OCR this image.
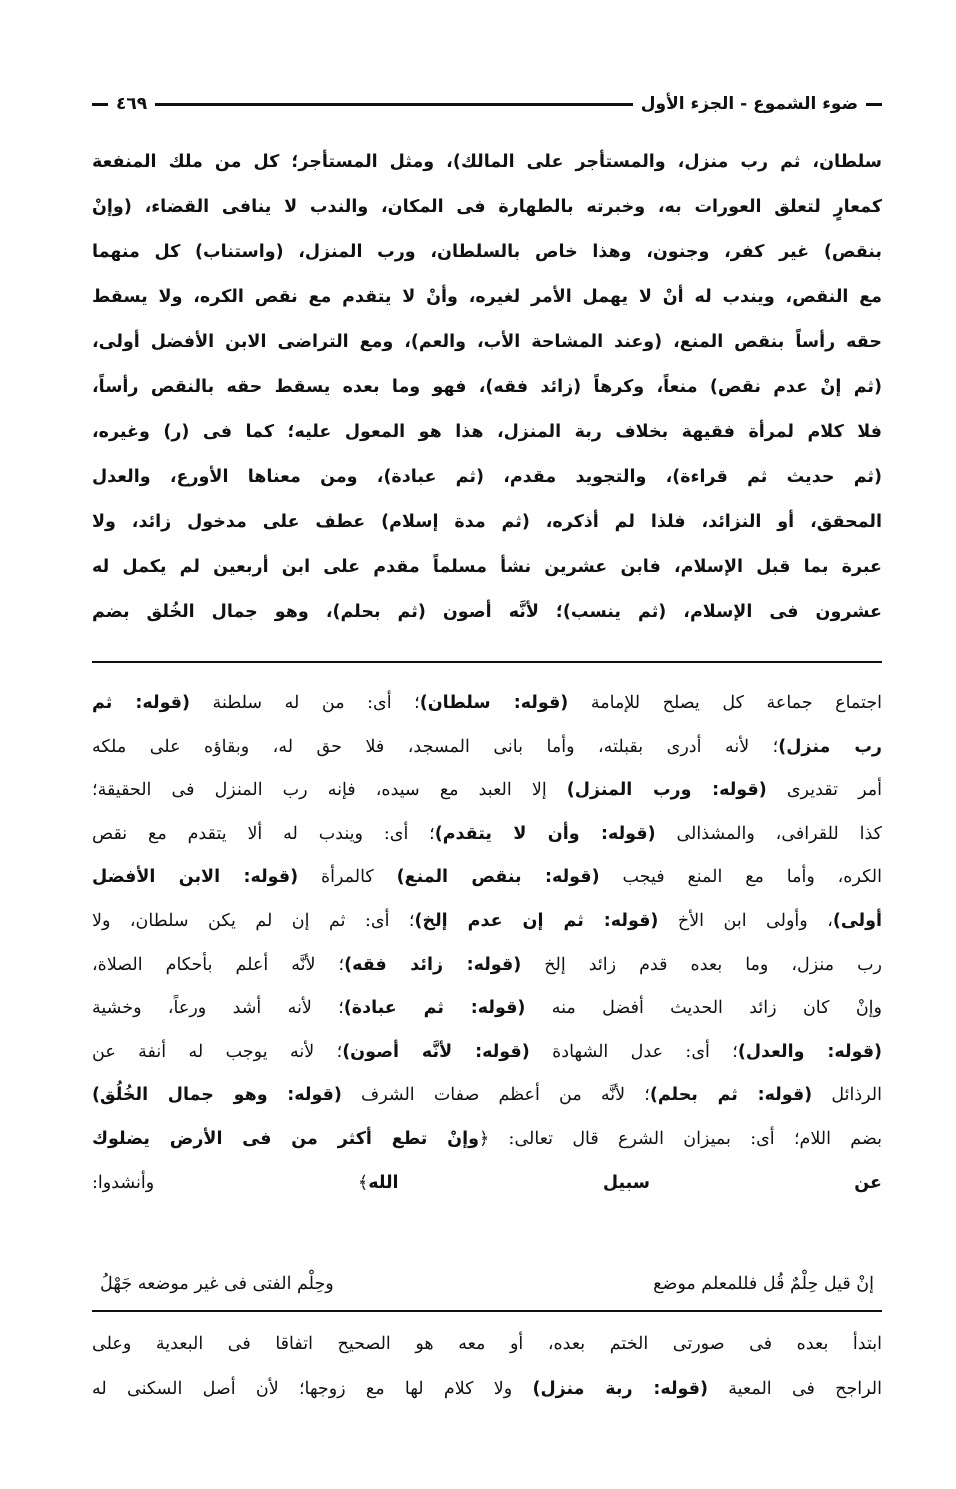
ضوء الشموع - الجزء الأول
٤٦٩
سلطان، ثم رب منزل، والمستأجر على المالك)، ومثل المستأجر؛ كل من ملك المنفعة
كمعارٍ لتعلق العورات به، وخبرته بالطهارة فى المكان، والندب لا ينافى القضاء، (وإنْ
بنقص) غير كفر، وجنون، وهذا خاص بالسلطان، ورب المنزل، (واستناب) كل منهما
مع النقص، ويندب له أنْ لا يهمل الأمر لغيره، وأنْ لا يتقدم مع نقص الكره، ولا يسقط
حقه رأساً بنقص المنع، (وعند المشاحة الأب، والعم)، ومع التراضى الابن الأفضل أولى،
(ثم إنْ عدم نقص) منعاً، وكرهاً (زائد فقه)، فهو وما بعده يسقط حقه بالنقص رأساً،
فلا كلام لمرأة فقيهة بخلاف ربة المنزل، هذا هو المعول عليه؛ كما فى (ر) وغيره،
(ثم حديث ثم قراءة)، والتجويد مقدم، (ثم عبادة)، ومن معناها الأورع، والعدل
المحقق، أو النزائد، فلذا لم أذكره، (ثم مدة إسلام) عطف على مدخول زائد، ولا
عبرة بما قبل الإسلام، فابن عشرين نشأ مسلماً مقدم على ابن أربعين لم يكمل له
عشرون فى الإسلام، (ثم ينسب)؛ لأنَّه أصون (ثم بحلم)، وهو جمال الخُلق بضم
اجتماع جماعة كل يصلح للإمامة (قوله: سلطان)؛ أى: من له سلطنة (قوله: ثم
رب منزل)؛ لأنه أدرى بقبلته، وأما بانى المسجد، فلا حق له، وبقاؤه على ملكه
أمر تقديرى (قوله: ورب المنزل) إلا العبد مع سيده، فإنه رب المنزل فى الحقيقة؛
كذا للقرافى، والمشذالى (قوله: وأن لا يتقدم)؛ أى: ويندب له ألا يتقدم مع نقص
الكره، وأما مع المنع فيجب (قوله: بنقص المنع) كالمرأة (قوله: الابن الأفضل
أولى)، وأولى ابن الأخ (قوله: ثم إن عدم إلخ)؛ أى: ثم إن لم يكن سلطان، ولا
رب منزل، وما بعده قدم زائد إلخ (قوله: زائد فقه)؛ لأنَّه أعلم بأحكام الصلاة،
وإنْ كان زائد الحديث أفضل منه (قوله: ثم عبادة)؛ لأنه أشد ورعاً، وخشية
(قوله: والعدل)؛ أى: عدل الشهادة (قوله: لأنَّه أصون)؛ لأنه يوجب له أنفة عن
الرذائل (قوله: ثم بحلم)؛ لأنَّه من أعظم صفات الشرف (قوله: وهو جمال الخُلُق)
بضم اللام؛ أى: بميزان الشرع قال تعالى: ﴿وإنْ تطع أكثر من فى الأرض يضلوك
عن سبيل الله﴾ وأنشدوا:
إنْ قيل حِلْمٌ قُل فللمعلم موضع
وحِلْم الفتى فى غير موضعه جَهْلُ
ابتدأ بعده فى صورتى الختم بعده، أو معه هو الصحيح اتفاقا فى البعدية وعلى
الراجح فى المعية (قوله: ربة منزل) ولا كلام لها مع زوجها؛ لأن أصل السكنى له
